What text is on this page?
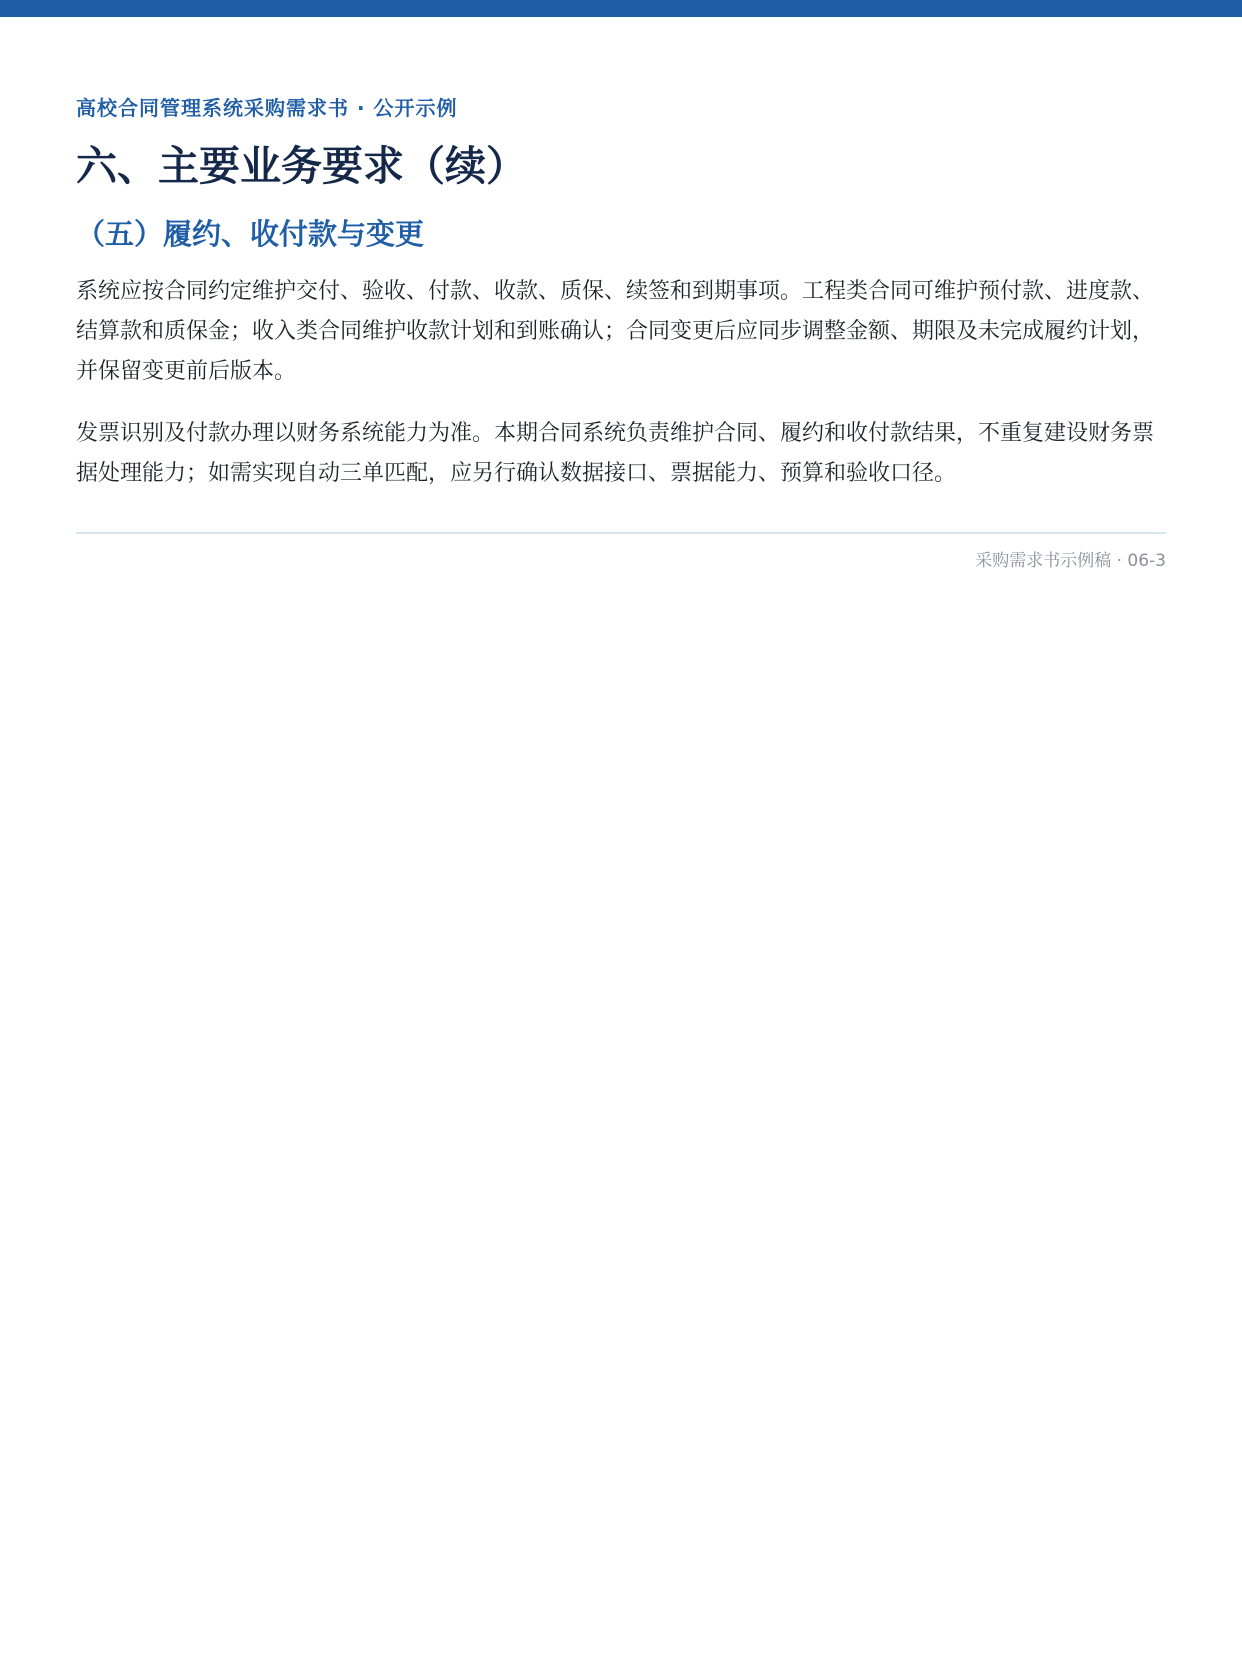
高校合同管理系统采购需求书 · 公开示例
六、主要业务要求（续）
（五）履约、收付款与变更

系统应按合同约定维护交付、验收、付款、收款、质保、续签和到期事项。工程类合同可维护预付款、进度款、结算款和质保金；收入类合同维护收款计划和到账确认；合同变更后应同步调整金额、期限及未完成履约计划，并保留变更前后版本。

发票识别及付款办理以财务系统能力为准。本期合同系统负责维护合同、履约和收付款结果，不重复建设财务票据处理能力；如需实现自动三单匹配，应另行确认数据接口、票据能力、预算和验收口径。

采购需求书示例稿 · 06-3
